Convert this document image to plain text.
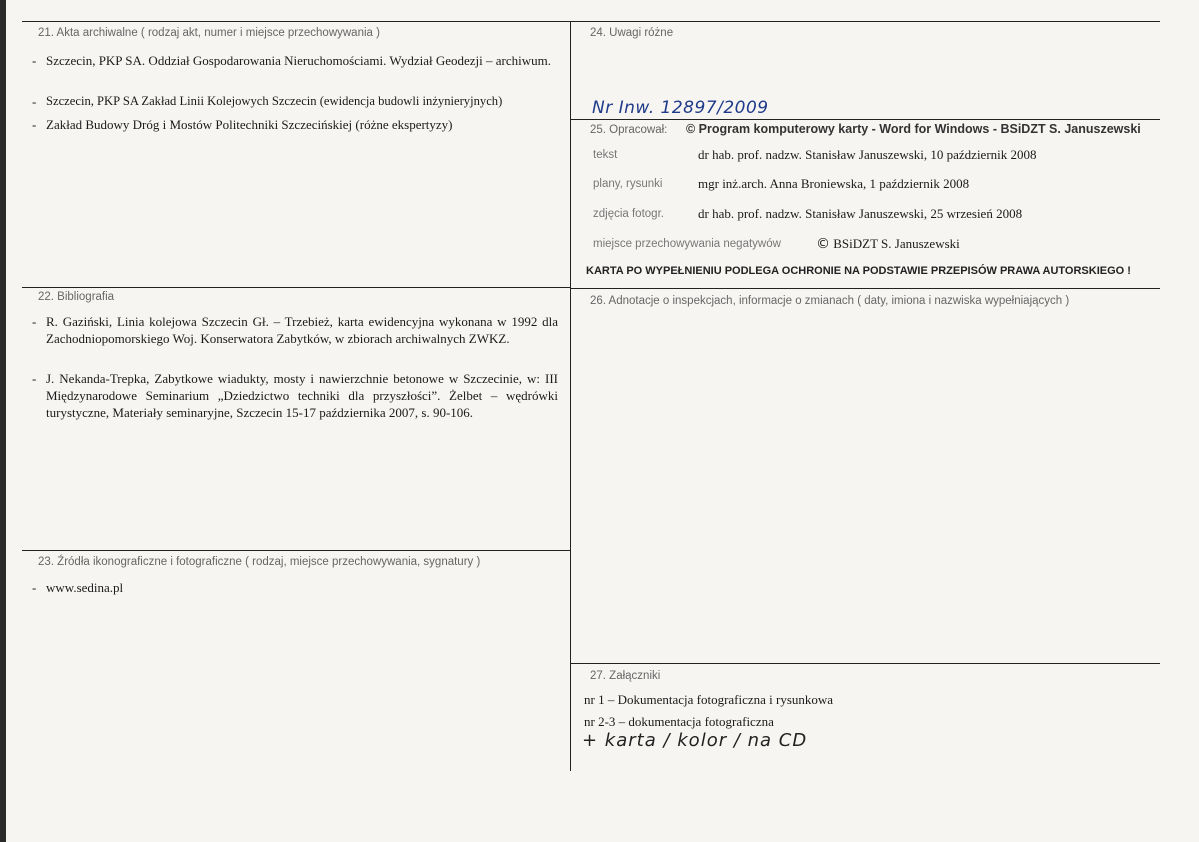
21. Akta archiwalne ( rodzaj akt, numer i miejsce przechowywania )
- Szczecin, PKP SA. Oddział Gospodarowania Nieruchomościami. Wydział Geodezji – archiwum.
- Szczecin, PKP SA Zakład Linii Kolejowych Szczecin (ewidencja budowli inżynieryjnych)
- Zakład Budowy Dróg i Mostów Politechniki Szczecińskiej (różne ekspertyzy)
22. Bibliografia
- R. Gaziński, Linia kolejowa Szczecin Gł. – Trzebież, karta ewidencyjna wykonana w 1992 dla Zachodniopomorskiego Woj. Konserwatora Zabytków, w zbiorach archiwalnych ZWKZ.
- J. Nekanda-Trepka, Zabytkowe wiadukty, mosty i nawierzchnie betonowe w Szczecinie, w: III Międzynarodowe Seminarium „Dziedzictwo techniki dla przyszłości”. Żelbet – wędrówki turystyczne, Materiały seminaryjne, Szczecin 15-17 października 2007, s. 90-106.
23. Źródła ikonograficzne i fotograficzne ( rodzaj, miejsce przechowywania, sygnatury )
- www.sedina.pl
24. Uwagi różne
Nr Inw. 12897/2009
25. Opracował: © Program komputerowy karty - Word for Windows - BSiDZT S. Januszewski
tekst	dr hab. prof. nadzw. Stanisław Januszewski, 10 październik 2008
plany, rysunki	mgr inż.arch. Anna Broniewska, 1 październik 2008
zdjęcia fotogr.	dr hab. prof. nadzw. Stanisław Januszewski, 25 wrzesień 2008
miejsce przechowywania negatywów	© BSiDZT S. Januszewski
KARTA PO WYPEŁNIENIU PODLEGA OCHRONIE NA PODSTAWIE PRZEPISÓW PRAWA AUTORSKIEGO !
26. Adnotacje o inspekcjach, informacje o zmianach ( daty, imiona i nazwiska wypełniających )
27. Załączniki
nr 1 – Dokumentacja fotograficzna i rysunkowa
nr 2-3 – dokumentacja fotograficzna
+ karta / kolor / na CD
